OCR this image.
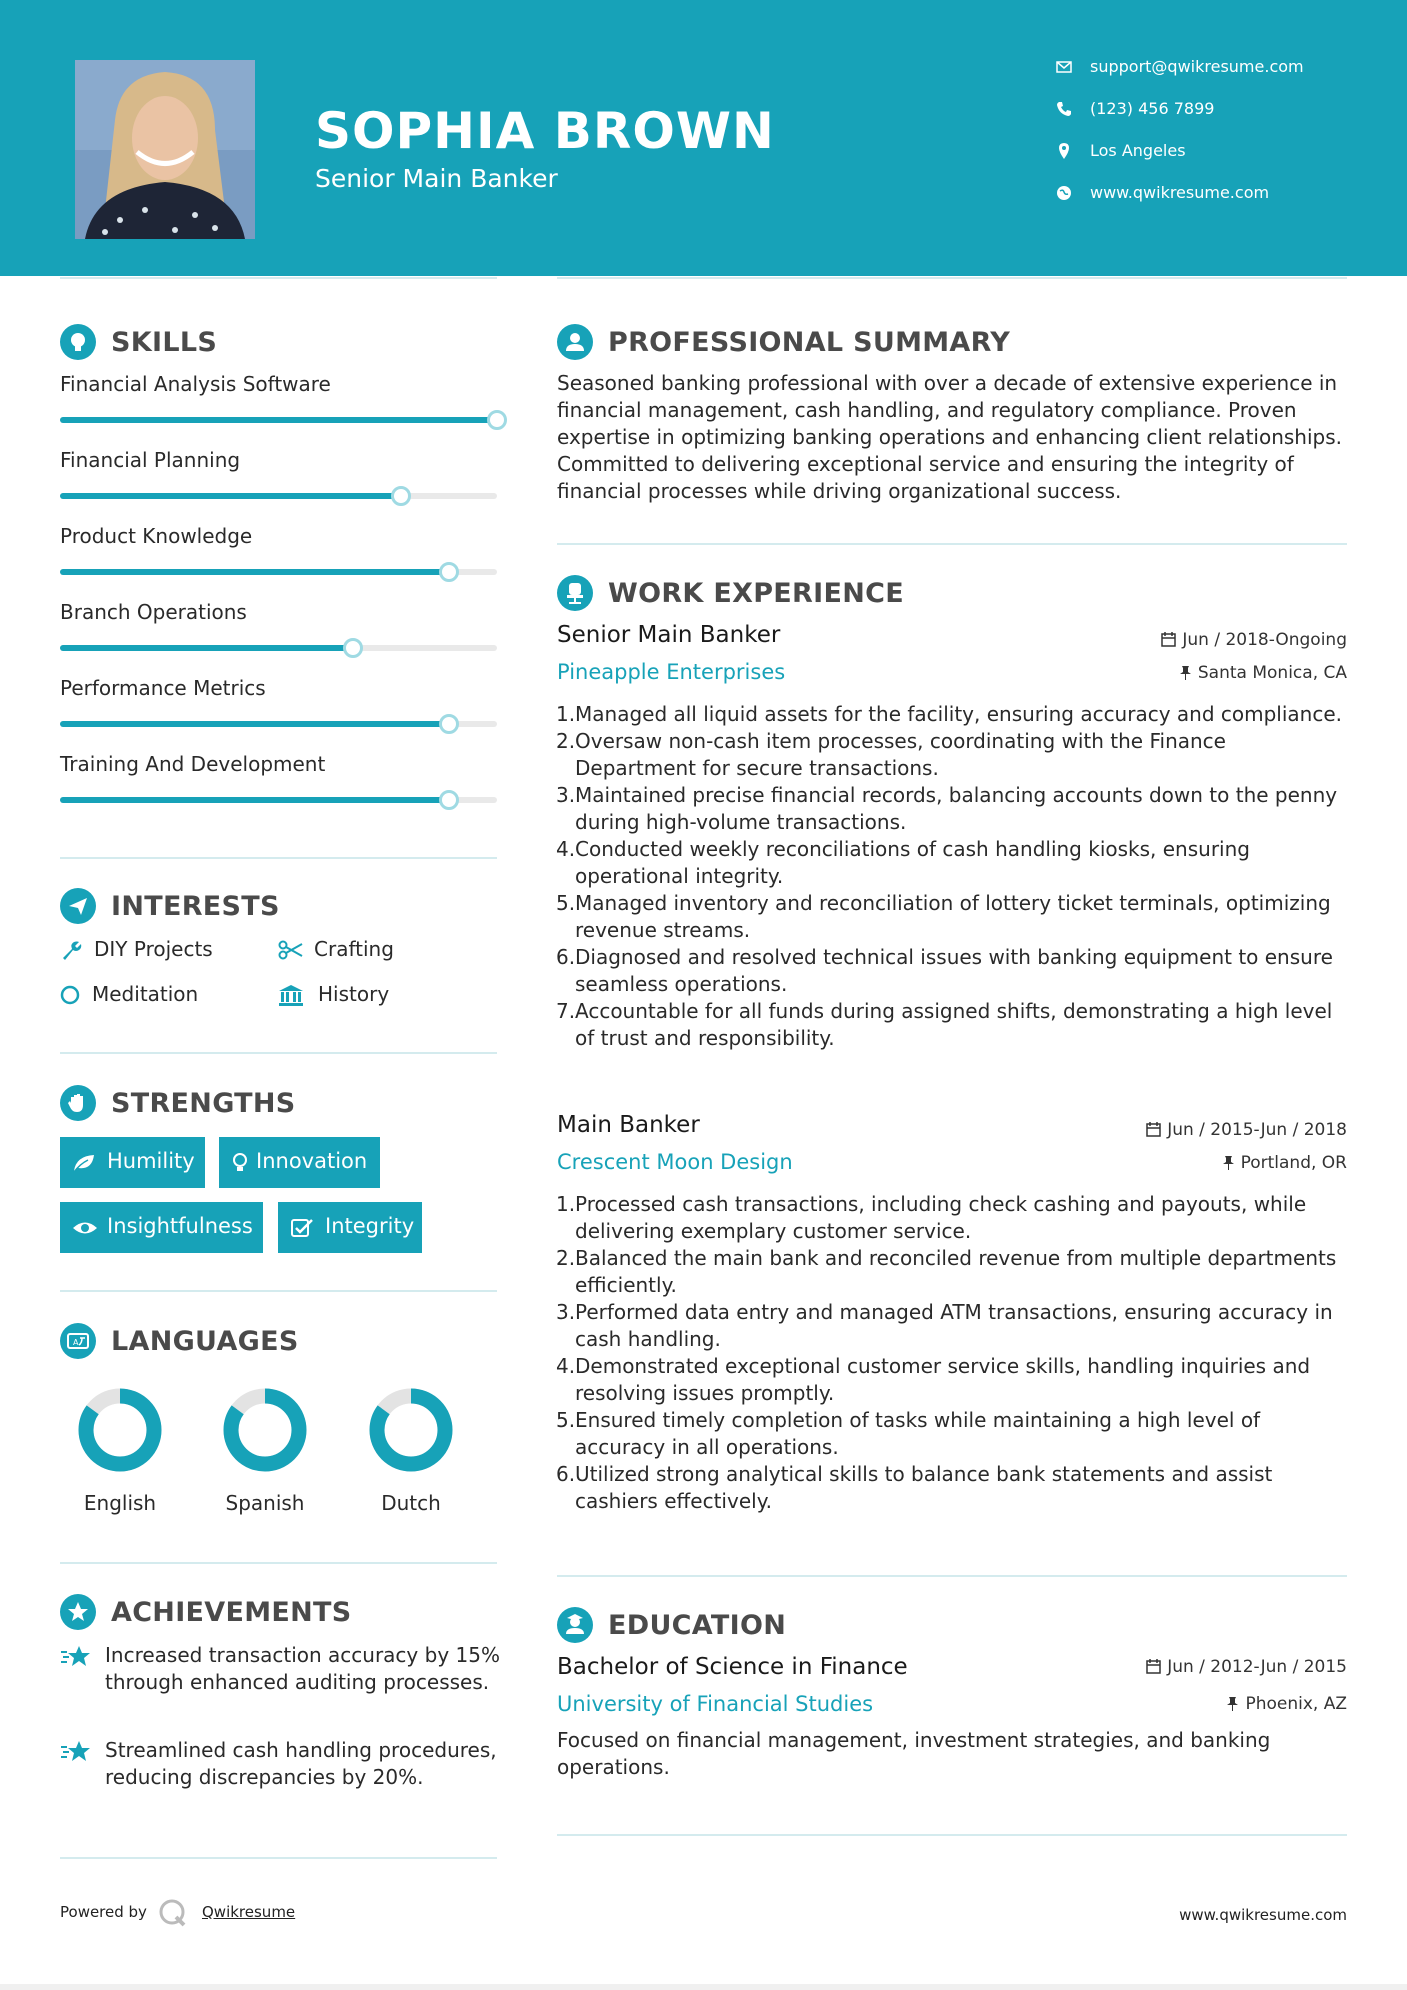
SOPHIA BROWN
Senior Main Banker
support@qwikresume.com
(123) 456 7899
Los Angeles
www.qwikresume.com
SKILLS
Financial Analysis Software
Financial Planning
Product Knowledge
Branch Operations
Performance Metrics
Training And Development
INTERESTS
DIY Projects	Crafting
Meditation	History
STRENGTHS
Humility	Innovation
Insightfulness	Integrity
A LANGUAGES
English	Spanish	Dutch
ACHIEVEMENTS
Increased transaction accuracy by 15% through enhanced auditing processes.
Streamlined cash handling procedures, reducing discrepancies by 20%.
PROFESSIONAL SUMMARY
Seasoned banking professional with over a decade of extensive experience in financial management, cash handling, and regulatory compliance. Proven expertise in optimizing banking operations and enhancing client relationships. Committed to delivering exceptional service and ensuring the integrity of financial processes while driving organizational success.
WORK EXPERIENCE
Senior Main Banker	Jun / 2018-Ongoing
Pineapple Enterprises	Santa Monica, CA
1. Managed all liquid assets for the facility, ensuring accuracy and compliance.
2. Oversaw non-cash item processes, coordinating with the Finance Department for secure transactions.
3. Maintained precise financial records, balancing accounts down to the penny during high-volume transactions.
4. Conducted weekly reconciliations of cash handling kiosks, ensuring operational integrity.
5. Managed inventory and reconciliation of lottery ticket terminals, optimizing revenue streams.
6. Diagnosed and resolved technical issues with banking equipment to ensure seamless operations.
7. Accountable for all funds during assigned shifts, demonstrating a high level of trust and responsibility.
Main Banker	Jun / 2015-Jun / 2018
Crescent Moon Design	Portland, OR
1. Processed cash transactions, including check cashing and payouts, while delivering exemplary customer service.
2. Balanced the main bank and reconciled revenue from multiple departments efficiently.
3. Performed data entry and managed ATM transactions, ensuring accuracy in cash handling.
4. Demonstrated exceptional customer service skills, handling inquiries and resolving issues promptly.
5. Ensured timely completion of tasks while maintaining a high level of accuracy in all operations.
6. Utilized strong analytical skills to balance bank statements and assist cashiers effectively.
EDUCATION
Bachelor of Science in Finance	Jun / 2012-Jun / 2015
University of Financial Studies	Phoenix, AZ
Focused on financial management, investment strategies, and banking operations.
Powered by	Qwikresume	www.qwikresume.com
